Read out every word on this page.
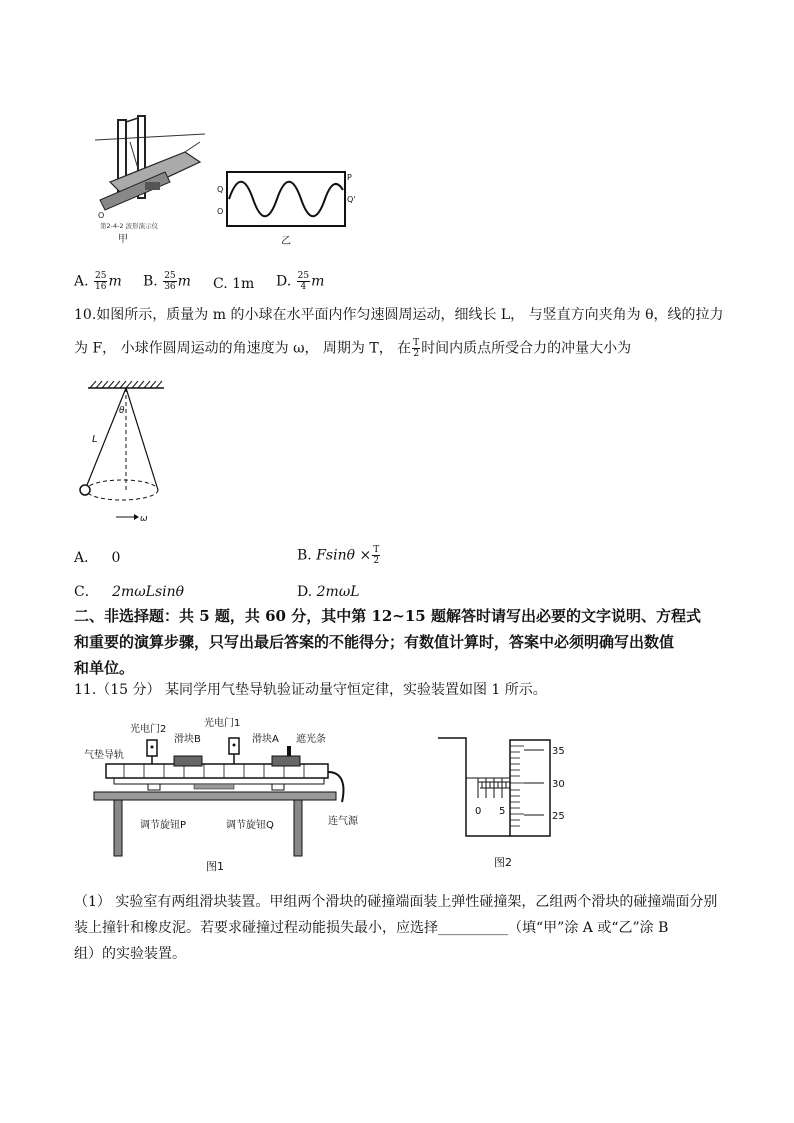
O
第2-4-2 波形演示仪
甲
Q
O
P
Q'
乙
A. $\frac{25}{16}$ m B. $\frac{25}{36}$ m C. 1m D. $\frac{25}{4}$ m
10.如图所示，质量为 m 的小球在水平面内作匀速圆周运动，细线长 L， 与竖直方向夹角为 θ，线的拉力
为 F， 小球作圆周运动的角速度为 ω， 周期为 T， 在 $\frac{T}{2}$ 时间内质点所受合力的冲量大小为
θ
L
ω
A． 0	B. $Fsin\theta \times \frac{T}{2}$
C． 2mωLsinθ	D. 2mωL
二、非选择题：共 5 题，共 60 分，其中第 12~15 题解答时请写出必要的文字说明、方程式
和重要的演算步骤，只写出最后答案的不能得分；有数值计算时，答案中必须明确写出数值
和单位。
11.（15 分） 某同学用气垫导轨验证动量守恒定律，实验装置如图 1 所示。
光电门2
光电门1
滑块B	滑块A 遮光条
气垫导轨
连气源
调节旋钮P	调节旋钮Q
图1
35
30
25
0 5
图2
（1） 实验室有两组滑块装置。甲组两个滑块的碰撞端面装上弹性碰撞架，乙组两个滑块的碰撞端面分别
装上撞针和橡皮泥。若要求碰撞过程动能损失最小，应选择__________（填“甲”涂 A 或“乙”涂 B
组）的实验装置。
